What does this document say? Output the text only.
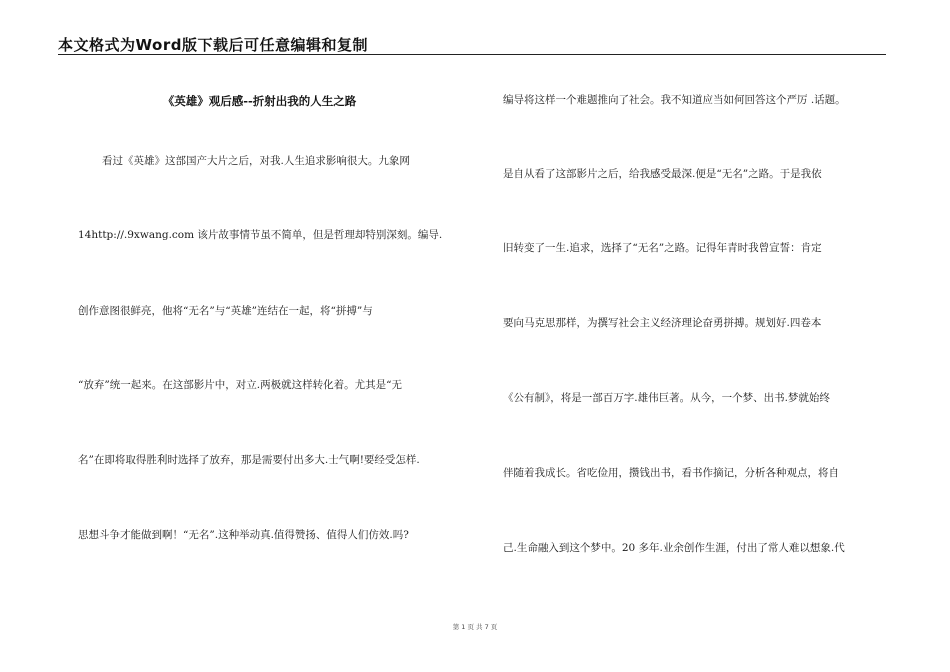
本文格式为Word版下载后可任意编辑和复制
《英雄》观后感--折射出我的人生之路
看过《英雄》这部国产大片之后，对我.人生追求影响很大。九象网
14http://.9xwang.com 该片故事情节虽不简单，但是哲理却特别深刻。编导.
创作意图很鲜亮，他将“无名”与“英雄”连结在一起，将“拼搏”与
“放弃”统一起来。在这部影片中，对立.两极就这样转化着。尤其是“无
名”在即将取得胜利时选择了放弃，那是需要付出多大.士气啊!要经受怎样.
思想斗争才能做到啊！“无名”.这种举动真.值得赞扬、值得人们仿效.吗?
编导将这样一个难题推向了社会。我不知道应当如何回答这个严厉 .话题。
是自从看了这部影片之后，给我感受最深.便是“无名”之路。于是我依
旧转变了一生.追求，选择了“无名”之路。记得年青时我曾宣誓：肯定
要向马克思那样，为撰写社会主义经济理论奋勇拼搏。规划好.四卷本
《公有制》，将是一部百万字.雄伟巨著。从今，一个梦、出书.梦就始终
伴随着我成长。省吃俭用，攒钱出书，看书作摘记，分析各种观点，将自
己.生命融入到这个梦中。20 多年.业余创作生涯，付出了常人难以想象.代
第 1 页 共 7 页
